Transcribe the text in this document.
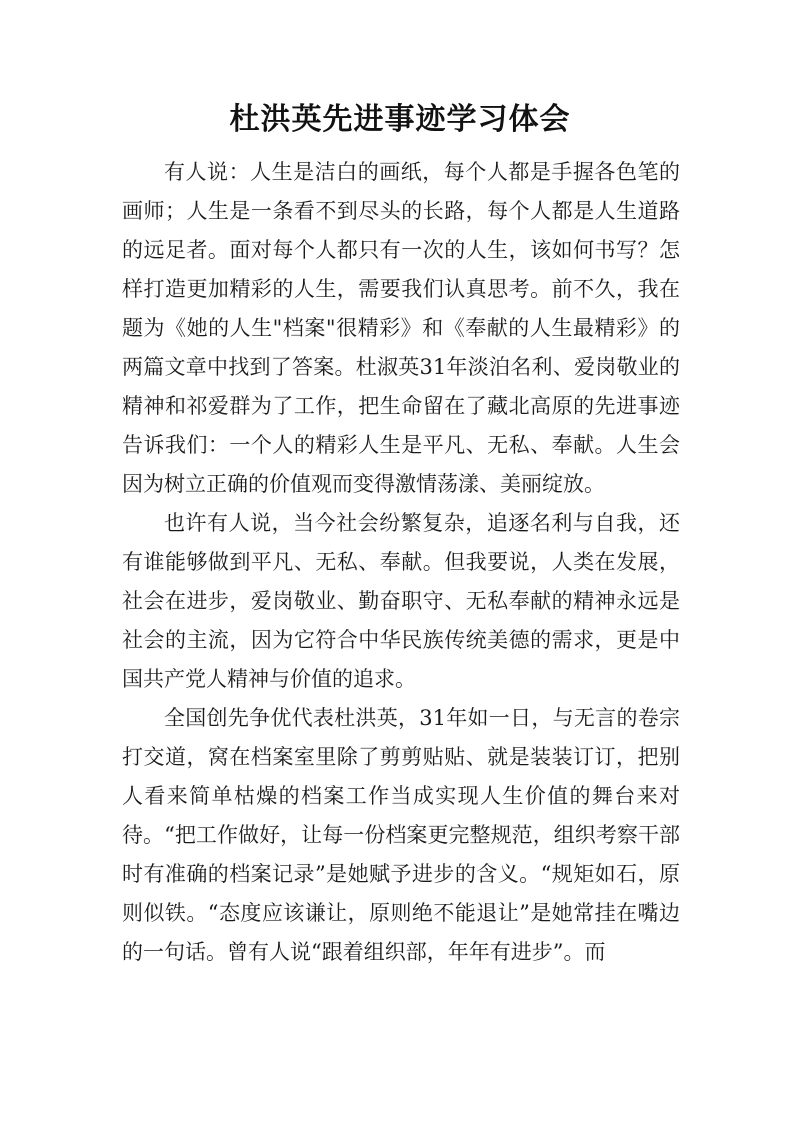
杜洪英先进事迹学习体会

有人说：人生是洁白的画纸，每个人都是手握各色笔的画师；人生是一条看不到尽头的长路，每个人都是人生道路的远足者。面对每个人都只有一次的人生，该如何书写？怎样打造更加精彩的人生，需要我们认真思考。前不久，我在题为《她的人生"档案"很精彩》和《奉献的人生最精彩》的两篇文章中找到了答案。杜淑英31年淡泊名利、爱岗敬业的精神和祁爱群为了工作，把生命留在了藏北高原的先进事迹告诉我们：一个人的精彩人生是平凡、无私、奉献。人生会因为树立正确的价值观而变得激情荡漾、美丽绽放。

也许有人说，当今社会纷繁复杂，追逐名利与自我，还有谁能够做到平凡、无私、奉献。但我要说，人类在发展，社会在进步，爱岗敬业、勤奋职守、无私奉献的精神永远是社会的主流，因为它符合中华民族传统美德的需求，更是中国共产党人精神与价值的追求。

全国创先争优代表杜洪英，31年如一日，与无言的卷宗打交道，窝在档案室里除了剪剪贴贴、就是装装订订，把别人看来简单枯燥的档案工作当成实现人生价值的舞台来对待。“把工作做好，让每一份档案更完整规范，组织考察干部时有准确的档案记录”是她赋予进步的含义。“规矩如石，原则似铁。“态度应该谦让，原则绝不能退让”是她常挂在嘴边的一句话。曾有人说“跟着组织部，年年有进步”。而
